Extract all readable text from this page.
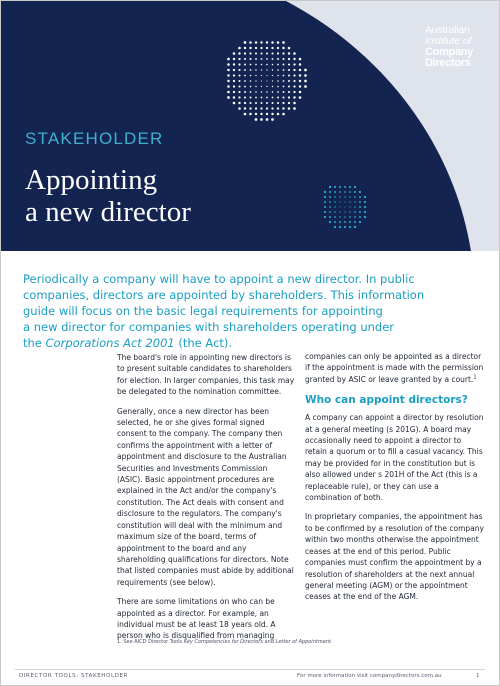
Australian
Institute of
Company
Directors
STAKEHOLDER
Appointing
a new director
Periodically a company will have to appoint a new director. In public
companies, directors are appointed by shareholders. This information
guide will focus on the basic legal requirements for appointing
a new director for companies with shareholders operating under
the Corporations Act 2001 (the Act).

The board's role in appointing new directors is to present suitable candidates to shareholders for election. In larger companies, this task may be delegated to the nomination committee.

Generally, once a new director has been selected, he or she gives formal signed consent to the company. The company then confirms the appointment with a letter of appointment and disclosure to the Australian Securities and Investments Commission (ASIC). Basic appointment procedures are explained in the Act and/or the company's constitution. The Act deals with consent and disclosure to the regulators. The company's constitution will deal with the minimum and maximum size of the board, terms of appointment to the board and any shareholding qualifications for directors. Note that listed companies must abide by additional requirements (see below).

There are some limitations on who can be appointed as a director. For example, an individual must be at least 18 years old. A person who is disqualified from managing

companies can only be appointed as a director if the appointment is made with the permission granted by ASIC or leave granted by a court.$^1$

Who can appoint directors?

A company can appoint a director by resolution at a general meeting (s 201G). A board may occasionally need to appoint a director to retain a quorum or to fill a casual vacancy. This may be provided for in the constitution but is also allowed under s 201H of the Act (this is a replaceable rule), or they can use a combination of both.

In proprietary companies, the appointment has to be confirmed by a resolution of the company within two months otherwise the appointment ceases at the end of this period. Public companies must confirm the appointment by a resolution of shareholders at the next annual general meeting (AGM) or the appointment ceases at the end of the AGM.

1. See AICD Director Tools Key Competencies for Directors and Letter of Appointment.
DIRECTOR TOOLS: STAKEHOLDER	For more information visit companydirectors.com.au	1
